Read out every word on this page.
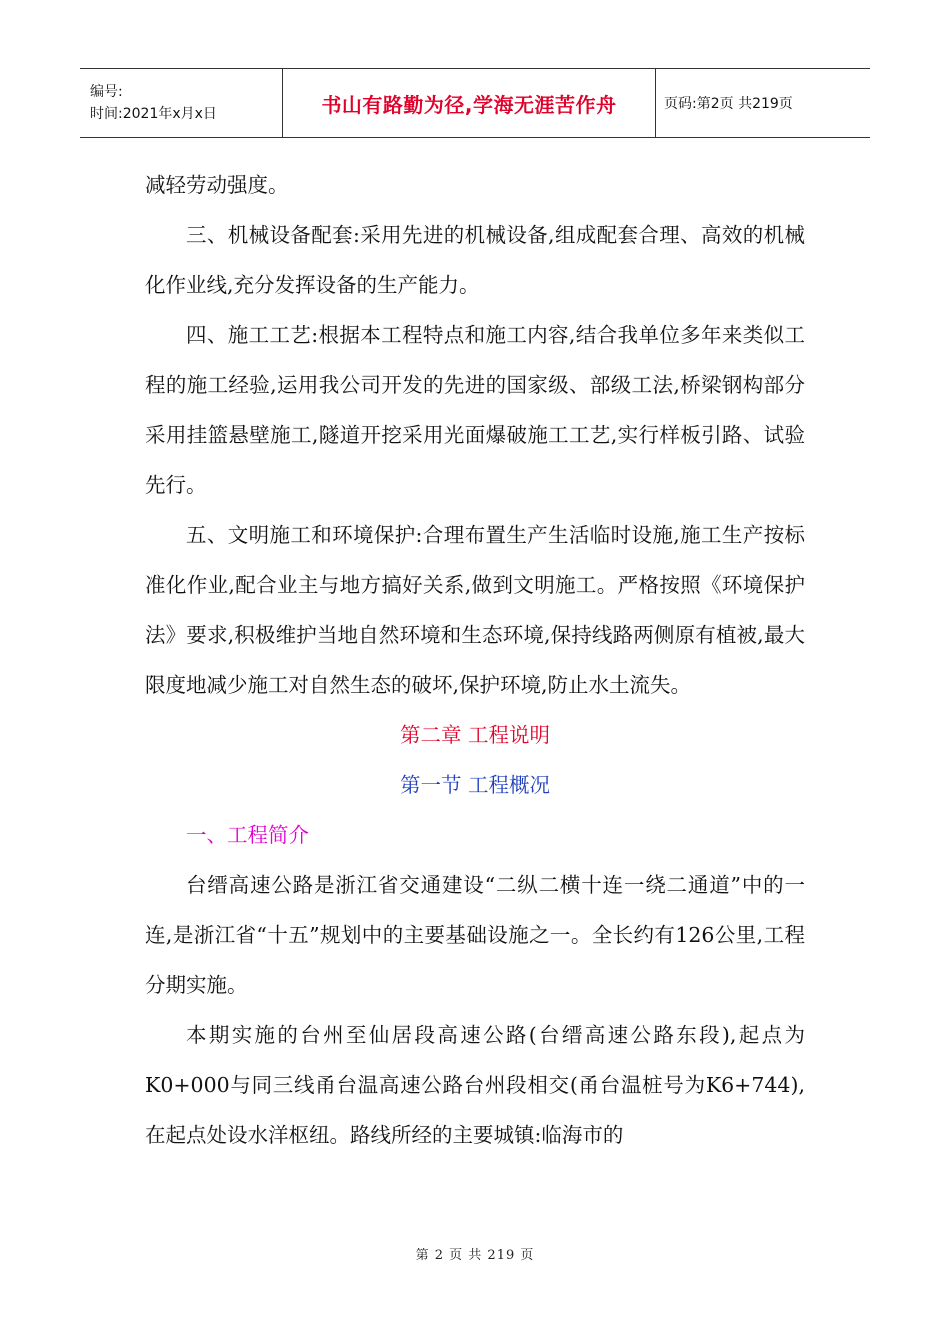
编号:
时间:2021年x月x日	书山有路勤为径,学海无涯苦作舟	页码:第2页 共219页

减轻劳动强度。

三、机械设备配套:采用先进的机械设备,组成配套合理、高效的机械化作业线,充分发挥设备的生产能力。

四、施工工艺:根据本工程特点和施工内容,结合我单位多年来类似工程的施工经验,运用我公司开发的先进的国家级、部级工法,桥梁钢构部分采用挂篮悬壁施工,隧道开挖采用光面爆破施工工艺,实行样板引路、试验先行。

五、文明施工和环境保护:合理布置生产生活临时设施,施工生产按标准化作业,配合业主与地方搞好关系,做到文明施工。严格按照《环境保护法》要求,积极维护当地自然环境和生态环境,保持线路两侧原有植被,最大限度地减少施工对自然生态的破坏,保护环境,防止水土流失。

第二章 工程说明

第一节 工程概况

一、工程简介

台缙高速公路是浙江省交通建设“二纵二横十连一绕二通道”中的一连,是浙江省“十五”规划中的主要基础设施之一。全长约有126公里,工程分期实施。

本期实施的台州至仙居段高速公路(台缙高速公路东段),起点为K0+000与同三线甬台温高速公路台州段相交(甬台温桩号为K6+744),在起点处设水洋枢纽。路线所经的主要城镇:临海市的

第 2 页 共 219 页
